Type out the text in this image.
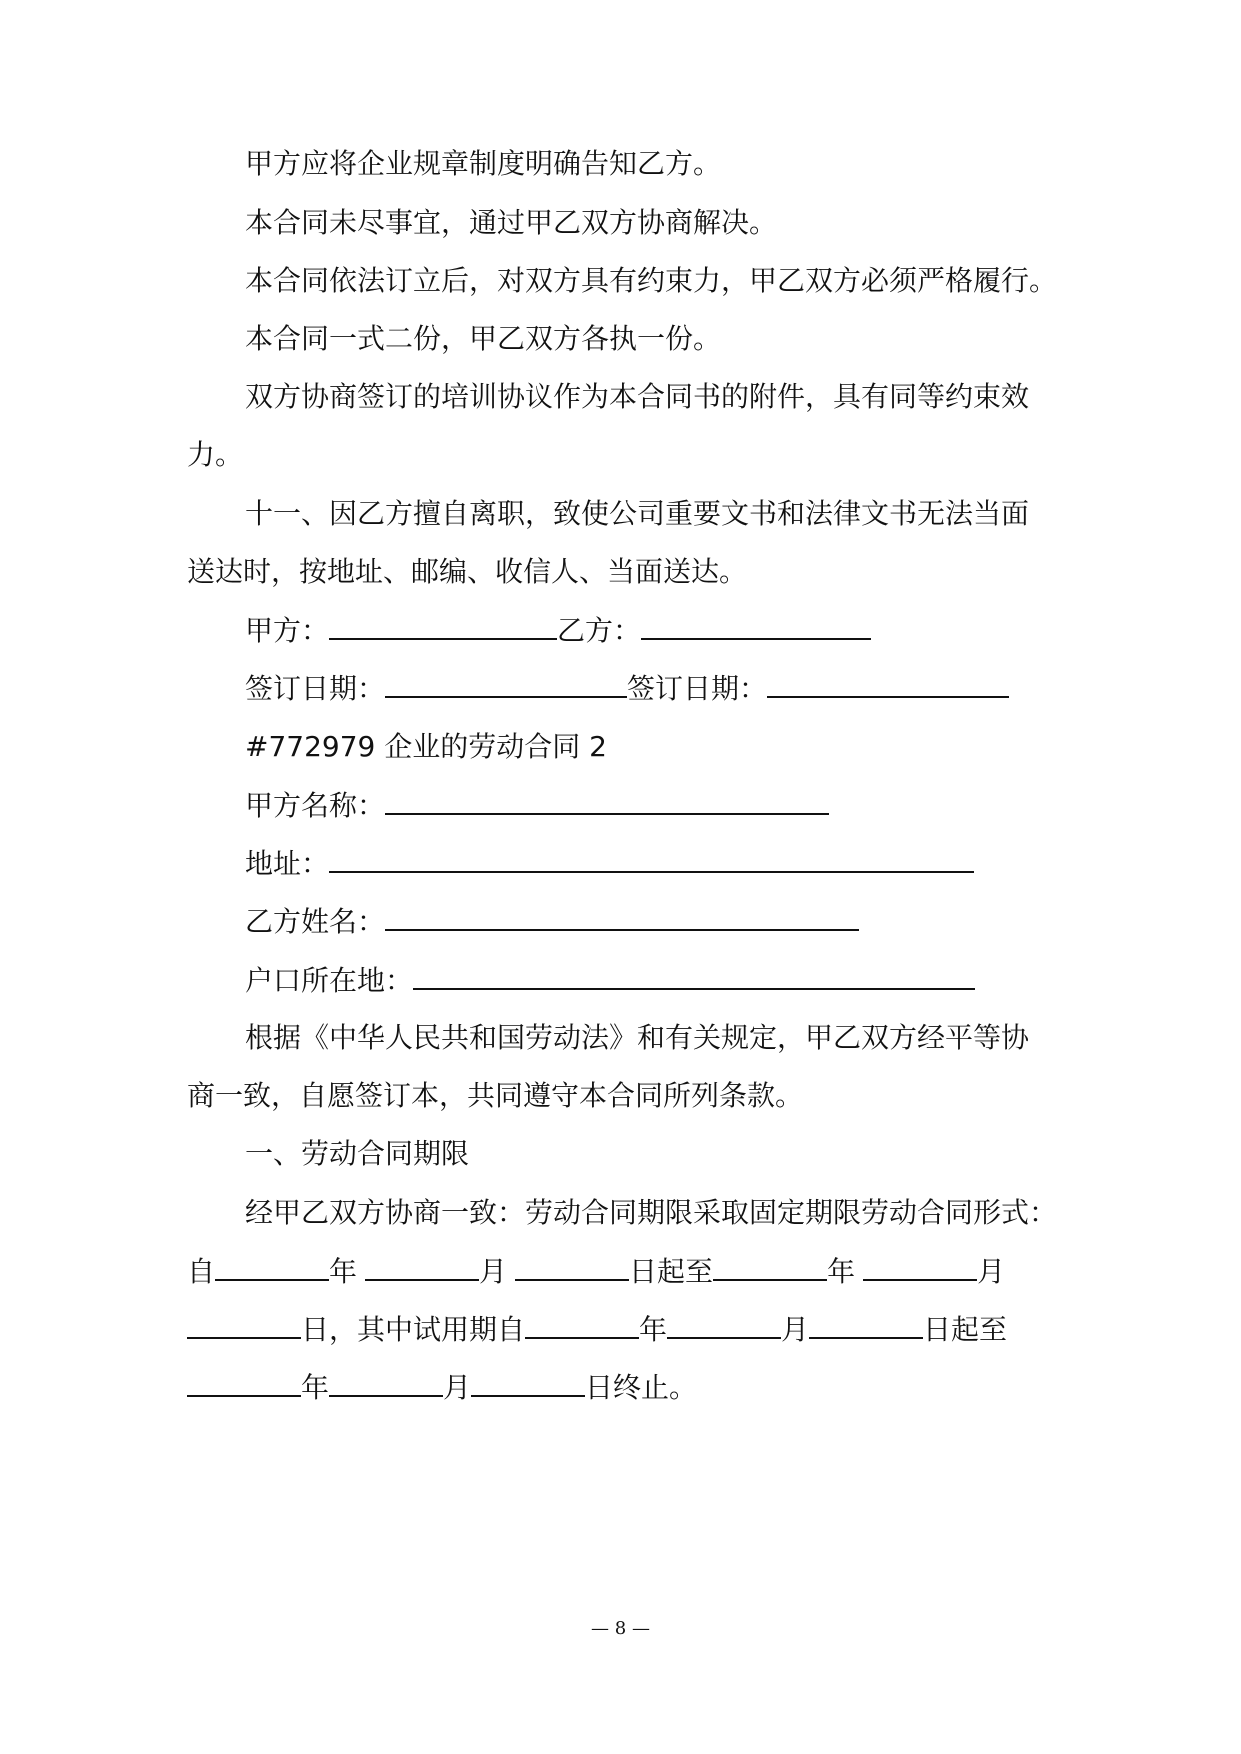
甲方应将企业规章制度明确告知乙方。
本合同未尽事宜，通过甲乙双方协商解决。
本合同依法订立后，对双方具有约束力，甲乙双方必须严格履行。
本合同一式二份，甲乙双方各执一份。
双方协商签订的培训协议作为本合同书的附件，具有同等约束效
力。
十一、因乙方擅自离职，致使公司重要文书和法律文书无法当面
送达时，按地址、邮编、收信人、当面送达。
甲方：	乙方：
签订日期：	签订日期：
#772979 企业的劳动合同 2
甲方名称：
地址：
乙方姓名：
户口所在地：
根据《中华人民共和国劳动法》和有关规定，甲乙双方经平等协
商一致，自愿签订本，共同遵守本合同所列条款。
一、劳动合同期限
经甲乙双方协商一致：劳动合同期限采取固定期限劳动合同形式：
自	年	月	日起至	年	月
日，其中试用期自	年	月	日起至
年	月	日终止。
— 8 —
